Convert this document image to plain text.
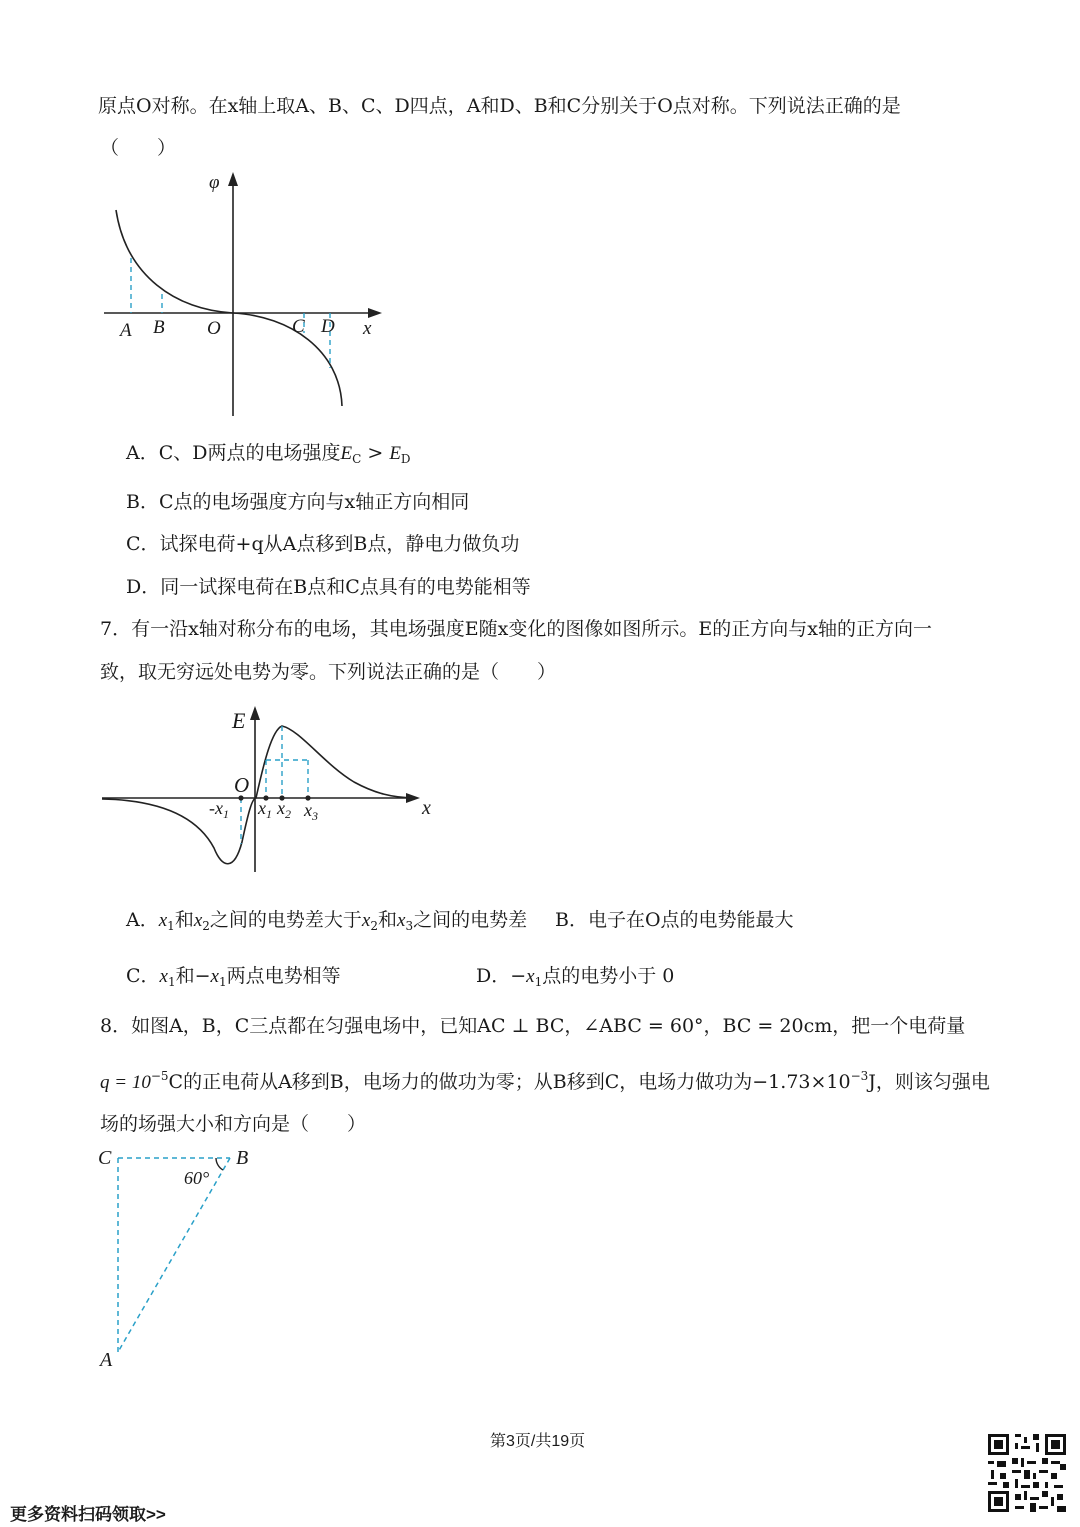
原点O对称。在x轴上取A、B、C、D四点，A和D、B和C分别关于O点对称。下列说法正确的是
（　　）
φ
A B O	C D x
A．C、D两点的电场强度$E_C > E_D$
B．C点的电场强度方向与x轴正方向相同
C．试探电荷+q从A点移到B点，静电力做负功
D．同一试探电荷在B点和C点具有的电势能相等
7．有一沿x轴对称分布的电场，其电场强度E随x变化的图像如图所示。E的正方向与x轴的正方向一
致，取无穷远处电势为零。下列说法正确的是（　　）
E
O
$-x_1$ $x_1$ $x_2$ $x_3$	x
A．$x_1$和$x_2$之间的电势差大于$x_2$和$x_3$之间的电势差 B．电子在O点的电势能最大
C．$x_1$和$-x_1$两点电势相等	D．$-x_1$点的电势小于 0
8．如图A，B，C三点都在匀强电场中，已知AC ⊥ BC，∠ABC = 60°，BC = 20cm，把一个电荷量
$q = 10^{-5}C$的正电荷从A移到B，电场力的做功为零；从B移到C，电场力做功为$-1.73\times 10^{-3}J$，则该匀强电
场的场强大小和方向是（　　）
C	B
A
60°
第3页/共19页
更多资料扫码领取>>
